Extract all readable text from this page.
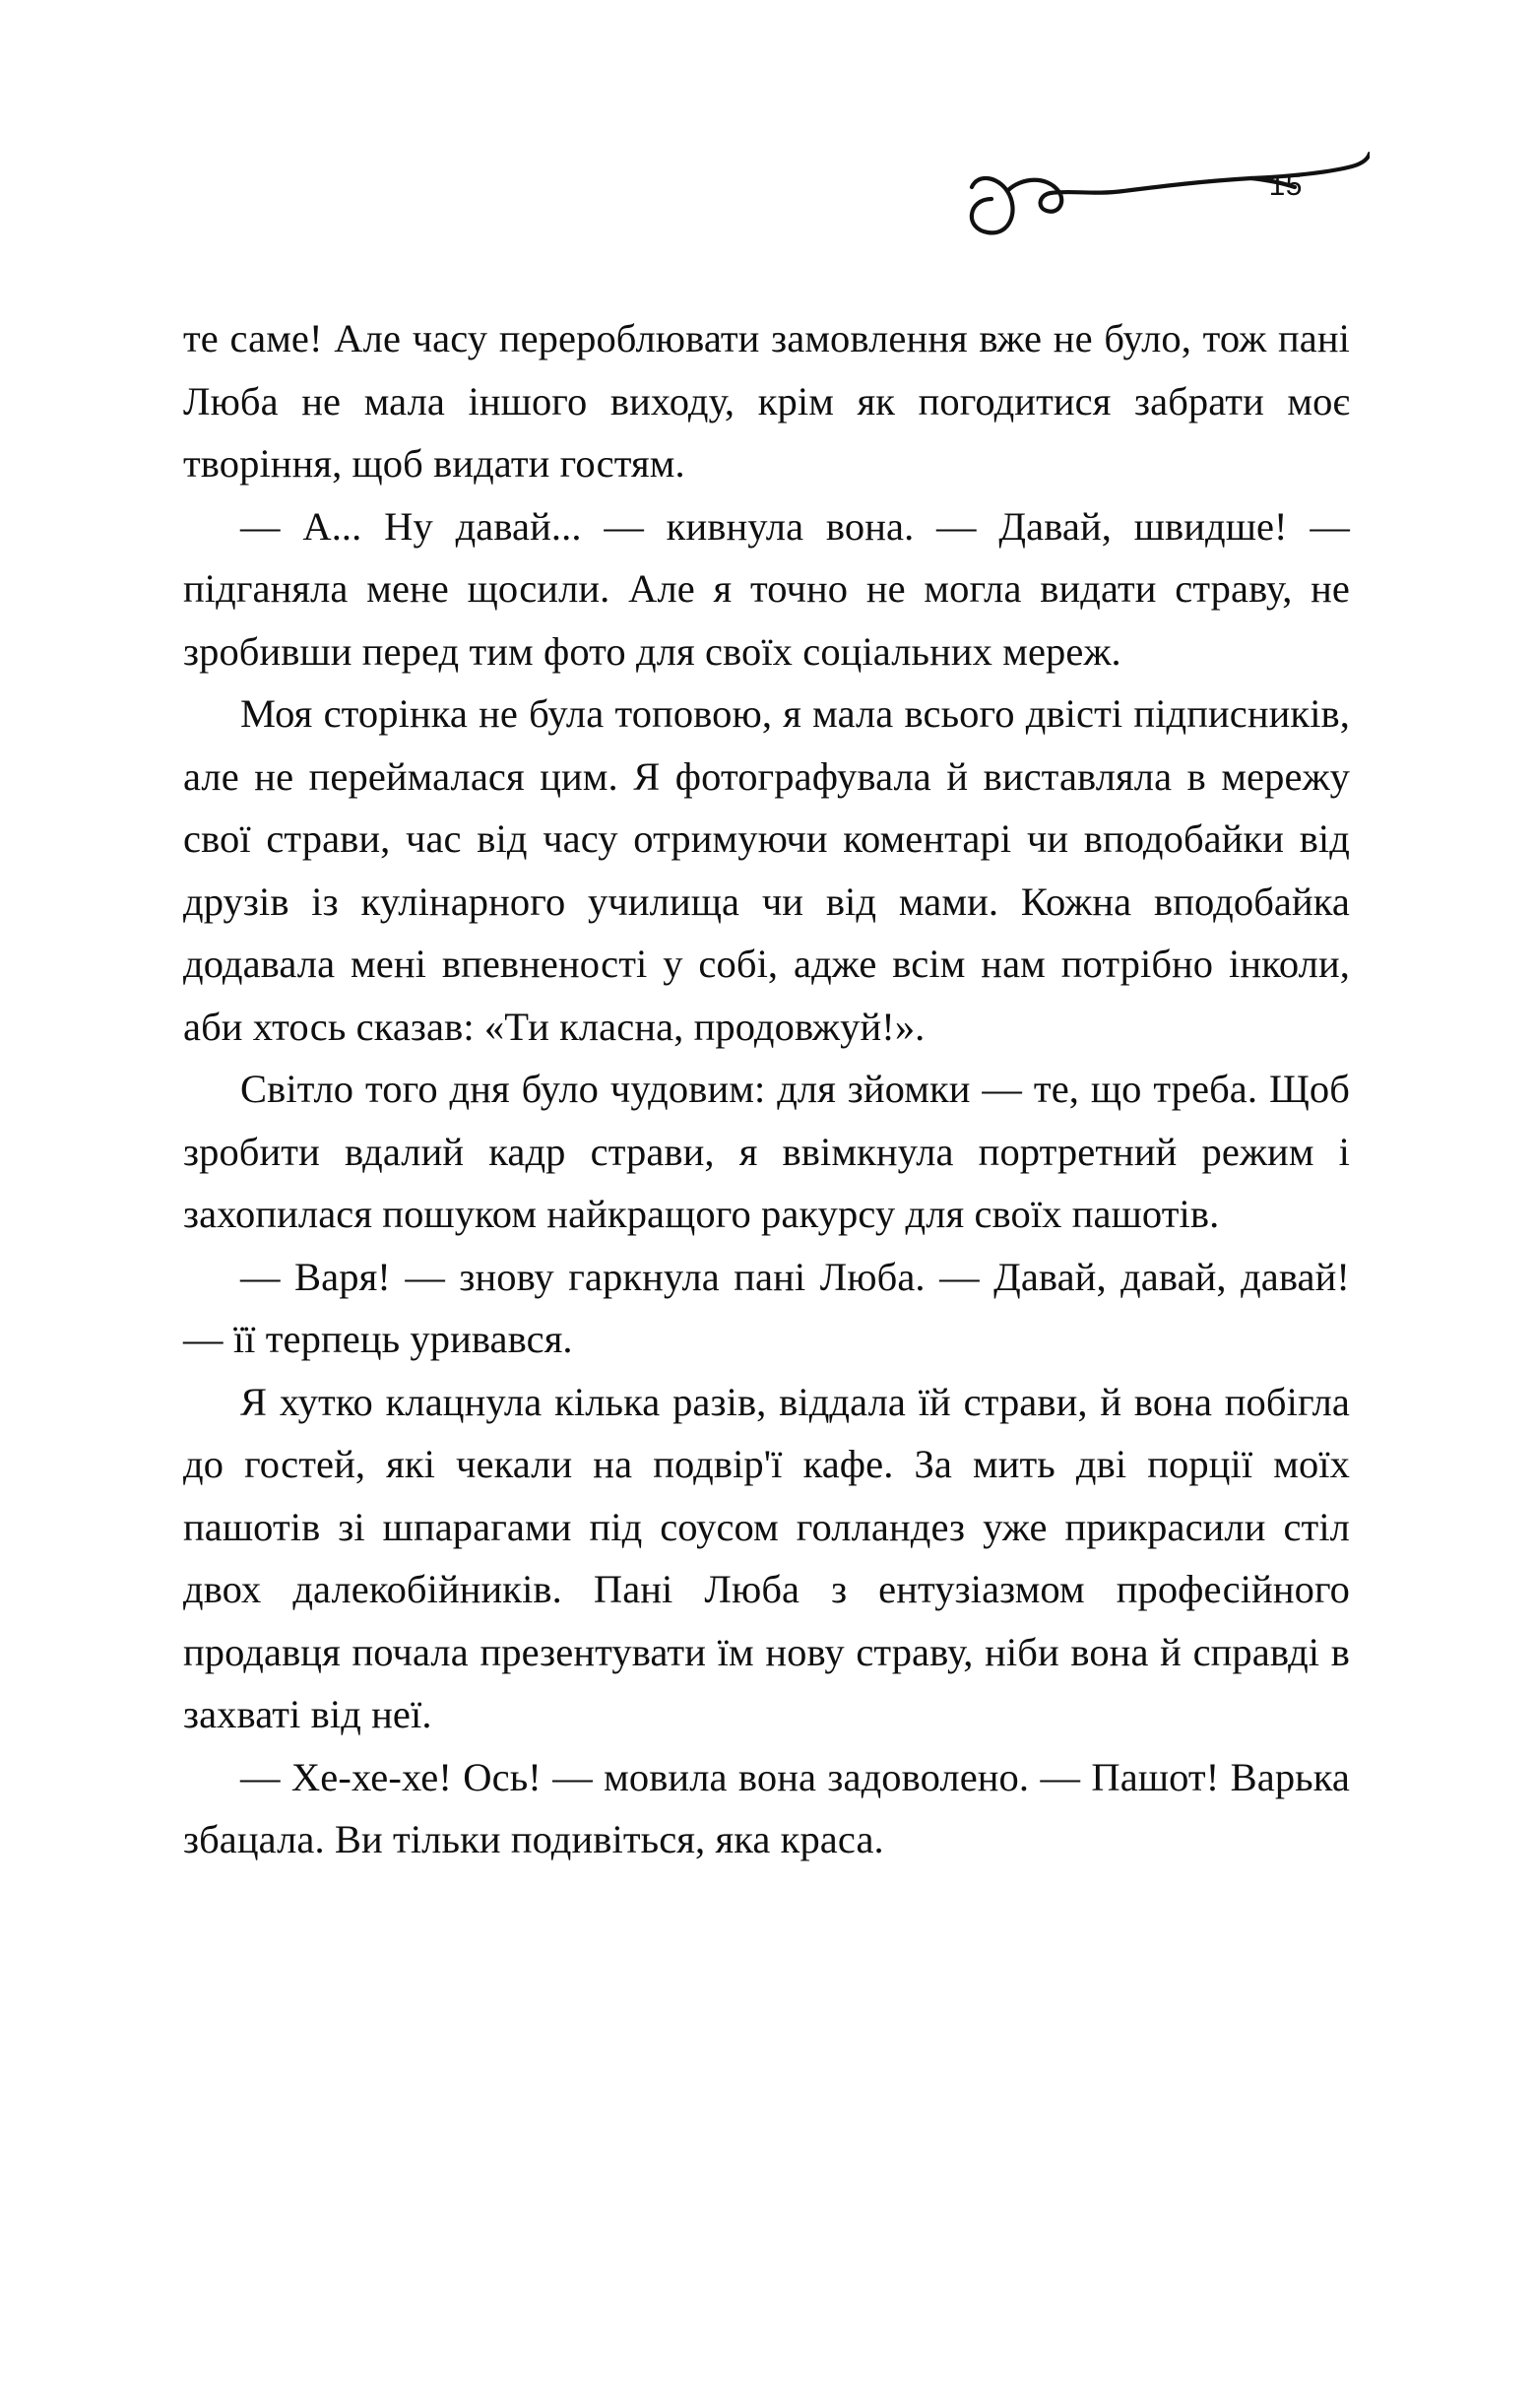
15

те саме! Але часу перероблювати замовлення вже не було, тож пані Люба не мала іншого виходу, крім як погодитися забрати моє творіння, щоб видати гостям.

— А... Ну давай... — кивнула вона. — Давай, швидше! — підганяла мене щосили. Але я точно не могла видати страву, не зробивши перед тим фото для своїх соціальних мереж.

Моя сторінка не була топовою, я мала всього двісті підписників, але не переймалася цим. Я фотографувала й виставляла в мережу свої страви, час від часу отримуючи коментарі чи вподобайки від друзів із кулінарного училища чи від мами. Кожна вподобайка додавала мені впевненості у собі, адже всім нам потрібно інколи, аби хтось сказав: «Ти класна, продовжуй!».

Світло того дня було чудовим: для зйомки — те, що треба. Щоб зробити вдалий кадр страви, я ввімкнула портретний режим і захопилася пошуком найкращого ракурсу для своїх пашотів.

— Варя! — знову гаркнула пані Люба. — Давай, давай, давай! — її терпець уривався.

Я хутко клацнула кілька разів, віддала їй страви, й вона побігла до гостей, які чекали на подвір'ї кафе. За мить дві порції моїх пашотів зі шпарагами під соусом голландез уже прикрасили стіл двох далекобійників. Пані Люба з ентузіазмом професійного продавця почала презентувати їм нову страву, ніби вона й справді в захваті від неї.

— Хе-хе-хе! Ось! — мовила вона задоволено. — Пашот! Варька збацала. Ви тільки подивіться, яка краса.
